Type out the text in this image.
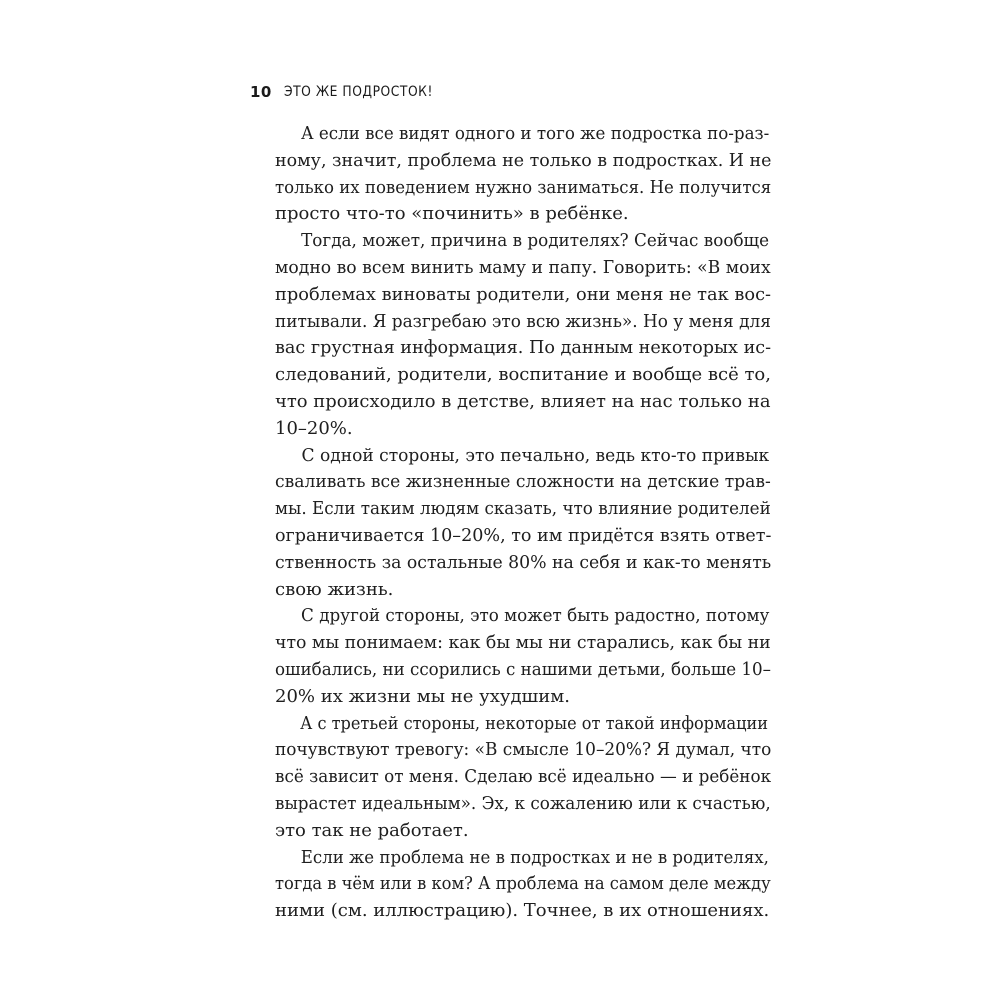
10 ЭТО ЖЕ ПОДРОСТОК!

А если все видят одного и того же подростка по-раз-
ному, значит, проблема не только в подростках. И не
только их поведением нужно заниматься. Не получится
просто что-то «починить» в ребёнке.

Тогда, может, причина в родителях? Сейчас вообще
модно во всем винить маму и папу. Говорить: «В моих
проблемах виноваты родители, они меня не так вос-
питывали. Я разгребаю это всю жизнь». Но у меня для
вас грустная информация. По данным некоторых ис-
следований, родители, воспитание и вообще всё то,
что происходило в детстве, влияет на нас только на
10–20%.

С одной стороны, это печально, ведь кто-то привык
сваливать все жизненные сложности на детские трав-
мы. Если таким людям сказать, что влияние родителей
ограничивается 10–20%, то им придётся взять ответ-
ственность за остальные 80% на себя и как-то менять
свою жизнь.

С другой стороны, это может быть радостно, потому
что мы понимаем: как бы мы ни старались, как бы ни
ошибались, ни ссорились с нашими детьми, больше 10–
20% их жизни мы не ухудшим.

А с третьей стороны, некоторые от такой информации
почувствуют тревогу: «В смысле 10–20%? Я думал, что
всё зависит от меня. Сделаю всё идеально — и ребёнок
вырастет идеальным». Эх, к сожалению или к счастью,
это так не работает.

Если же проблема не в подростках и не в родителях,
тогда в чём или в ком? А проблема на самом деле между
ними (см. иллюстрацию). Точнее, в их отношениях.
